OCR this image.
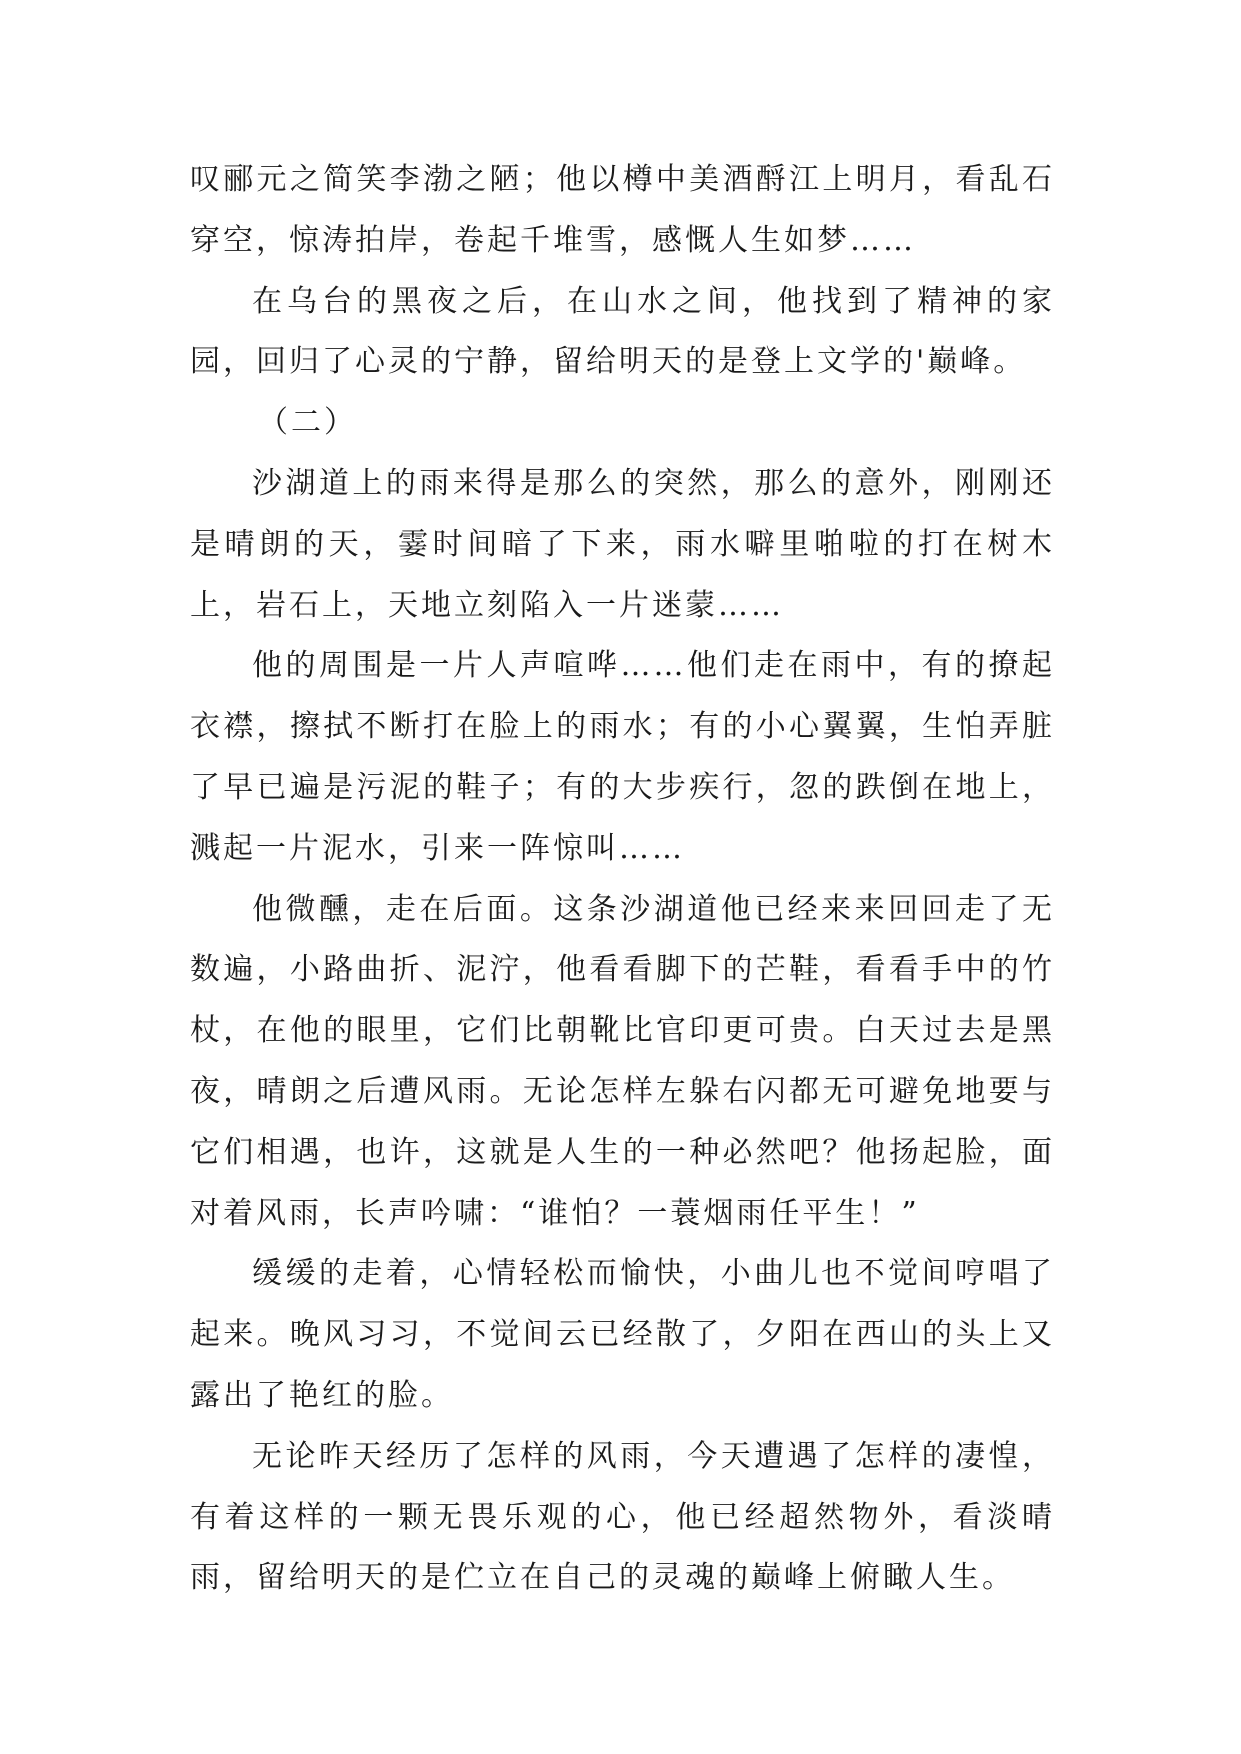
叹郦元之简笑李渤之陋；他以樽中美酒酹江上明月，看乱石穿空，惊涛拍岸，卷起千堆雪，感慨人生如梦……

在乌台的黑夜之后，在山水之间，他找到了精神的家园，回归了心灵的宁静，留给明天的是登上文学的'巅峰。

（二）

沙湖道上的雨来得是那么的突然，那么的意外，刚刚还是晴朗的天，霎时间暗了下来，雨水噼里啪啦的打在树木上，岩石上，天地立刻陷入一片迷蒙……

他的周围是一片人声喧哗……他们走在雨中，有的撩起衣襟，擦拭不断打在脸上的雨水；有的小心翼翼，生怕弄脏了早已遍是污泥的鞋子；有的大步疾行，忽的跌倒在地上，溅起一片泥水，引来一阵惊叫……

他微醺，走在后面。这条沙湖道他已经来来回回走了无数遍，小路曲折、泥泞，他看看脚下的芒鞋，看看手中的竹杖，在他的眼里，它们比朝靴比官印更可贵。白天过去是黑夜，晴朗之后遭风雨。无论怎样左躲右闪都无可避免地要与它们相遇，也许，这就是人生的一种必然吧？他扬起脸，面对着风雨，长声吟啸：“谁怕？一蓑烟雨任平生！”

缓缓的走着，心情轻松而愉快，小曲儿也不觉间哼唱了起来。晚风习习，不觉间云已经散了，夕阳在西山的头上又露出了艳红的脸。

无论昨天经历了怎样的风雨，今天遭遇了怎样的凄惶，有着这样的一颗无畏乐观的心，他已经超然物外，看淡晴雨，留给明天的是伫立在自己的灵魂的巅峰上俯瞰人生。
